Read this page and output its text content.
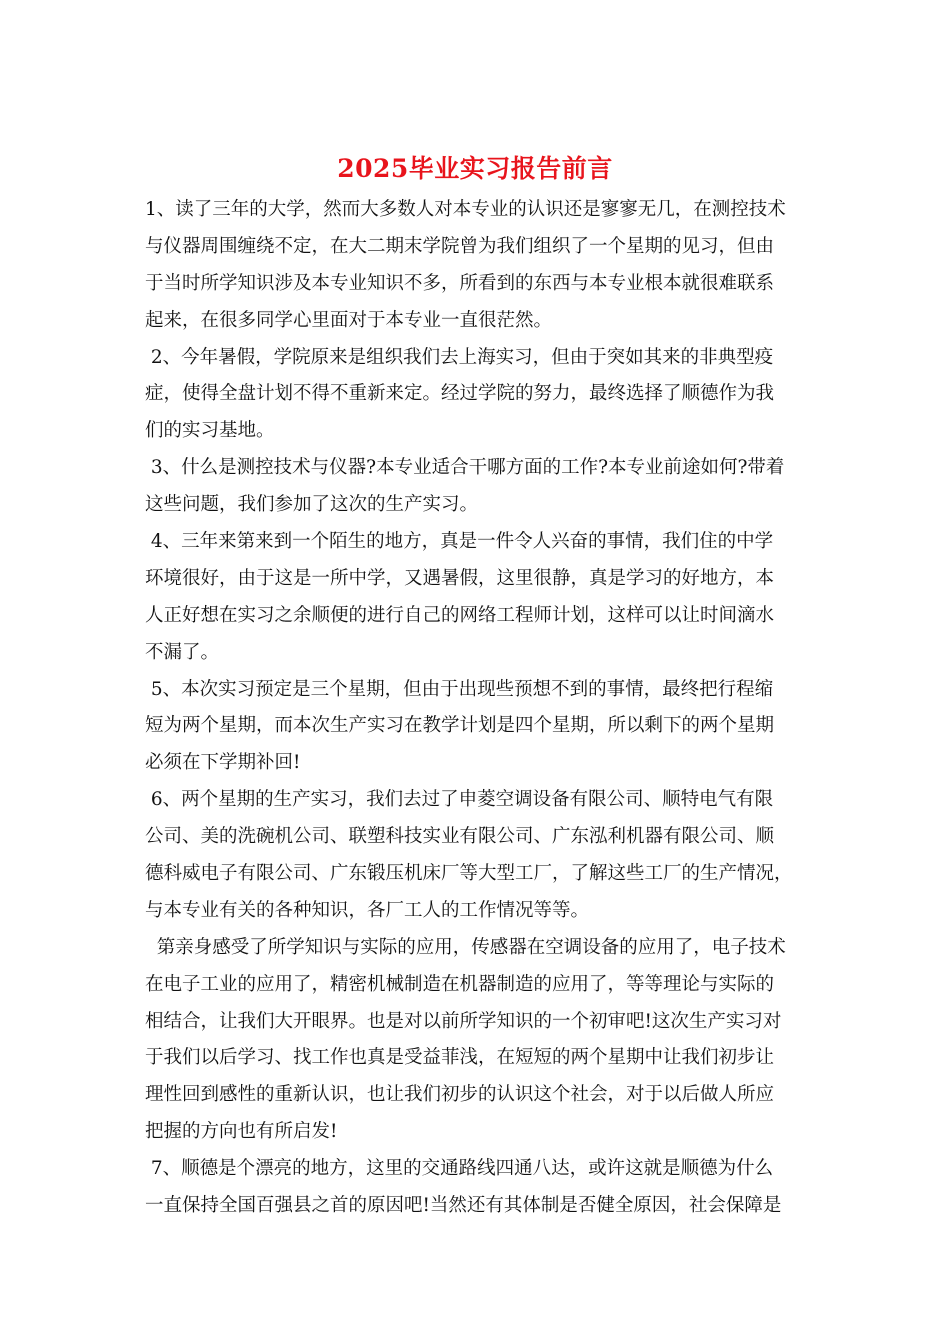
2025毕业实习报告前言
1、读了三年的大学，然而大多数人对本专业的认识还是寥寥无几，在测控技术
与仪器周围缠绕不定，在大二期末学院曾为我们组织了一个星期的见习，但由
于当时所学知识涉及本专业知识不多，所看到的东西与本专业根本就很难联系
起来，在很多同学心里面对于本专业一直很茫然。
2、今年暑假，学院原来是组织我们去上海实习，但由于突如其来的非典型疫
症，使得全盘计划不得不重新来定。经过学院的努力，最终选择了顺德作为我
们的实习基地。
3、什么是测控技术与仪器?本专业适合干哪方面的工作?本专业前途如何?带着
这些问题，我们参加了这次的生产实习。
4、三年来第来到一个陌生的地方，真是一件令人兴奋的事情，我们住的中学
环境很好，由于这是一所中学，又遇暑假，这里很静，真是学习的好地方，本
人正好想在实习之余顺便的进行自己的网络工程师计划，这样可以让时间滴水
不漏了。
5、本次实习预定是三个星期，但由于出现些预想不到的事情，最终把行程缩
短为两个星期，而本次生产实习在教学计划是四个星期，所以剩下的两个星期
必须在下学期补回!
6、两个星期的生产实习，我们去过了申菱空调设备有限公司、顺特电气有限
公司、美的洗碗机公司、联塑科技实业有限公司、广东泓利机器有限公司、顺
德科威电子有限公司、广东锻压机床厂等大型工厂，了解这些工厂的生产情况，
与本专业有关的各种知识，各厂工人的工作情况等等。
第亲身感受了所学知识与实际的应用，传感器在空调设备的应用了，电子技术
在电子工业的应用了，精密机械制造在机器制造的应用了，等等理论与实际的
相结合，让我们大开眼界。也是对以前所学知识的一个初审吧!这次生产实习对
于我们以后学习、找工作也真是受益菲浅，在短短的两个星期中让我们初步让
理性回到感性的重新认识，也让我们初步的认识这个社会，对于以后做人所应
把握的方向也有所启发!
7、顺德是个漂亮的地方，这里的交通路线四通八达，或许这就是顺德为什么
一直保持全国百强县之首的原因吧!当然还有其体制是否健全原因，社会保障是
